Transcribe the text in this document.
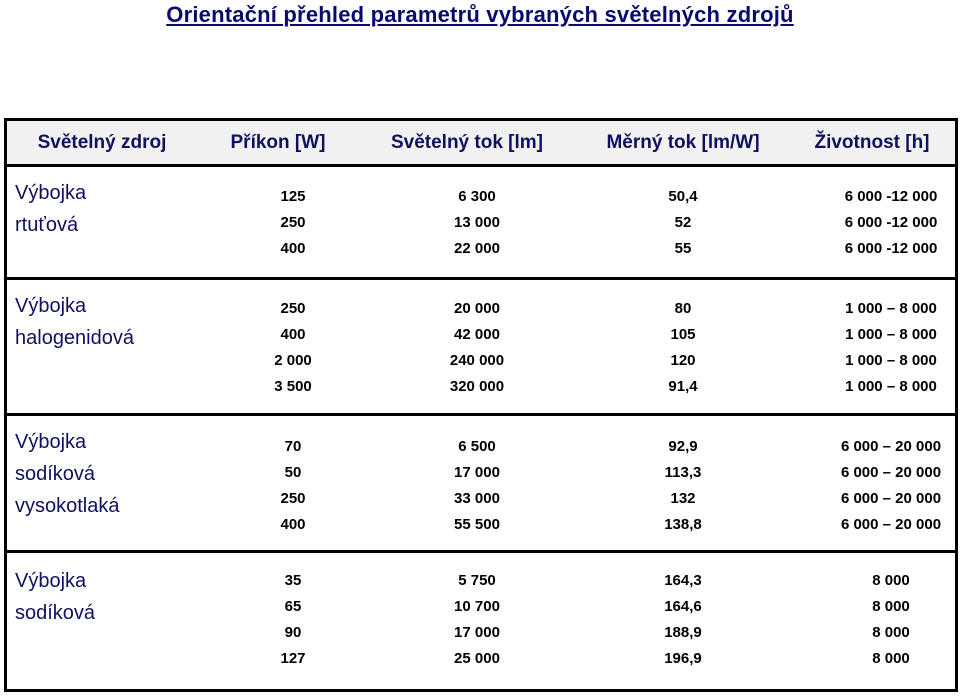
Orientační přehled parametrů vybraných světelných zdrojů
Světelný zdroj	Příkon [W]	Světelný tok [lm]	Měrný tok [lm/W]	Životnost [h]
Výbojka
rtuťová
125	6 300	50,4	6 000 -12 000
250	13 000	52	6 000 -12 000
400	22 000	55	6 000 -12 000
Výbojka
halogenidová
250	20 000	80	1 000 – 8 000
400	42 000	105	1 000 – 8 000
2 000	240 000	120	1 000 – 8 000
3 500	320 000	91,4	1 000 – 8 000
Výbojka
sodíková
vysokotlaká
70	6 500	92,9	6 000 – 20 000
50	17 000	113,3	6 000 – 20 000
250	33 000	132	6 000 – 20 000
400	55 500	138,8	6 000 – 20 000
Výbojka
sodíková
35	5 750	164,3	8 000
65	10 700	164,6	8 000
90	17 000	188,9	8 000
127	25 000	196,9	8 000
